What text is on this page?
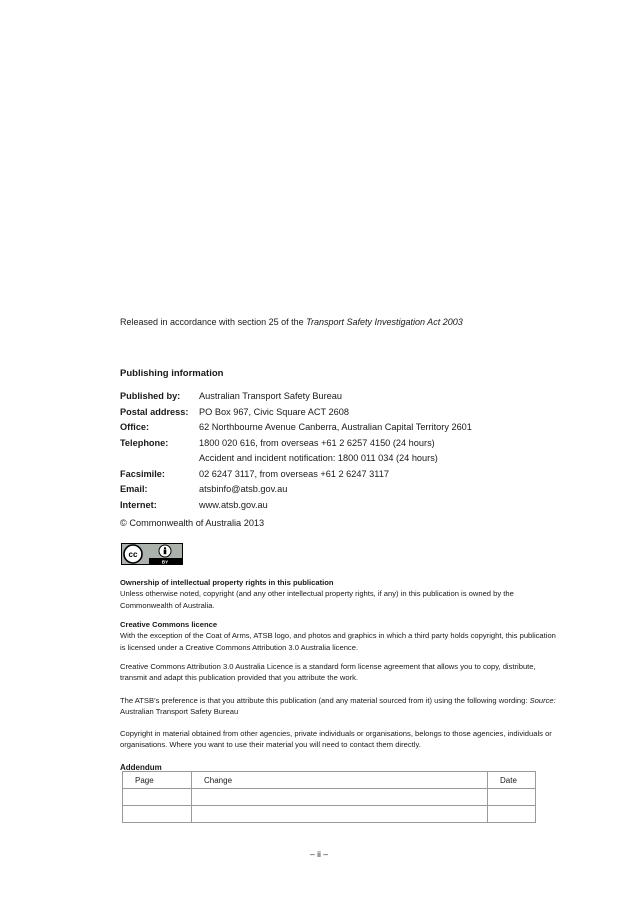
Released in accordance with section 25 of the Transport Safety Investigation Act 2003
Publishing information
Published by:	Australian Transport Safety Bureau
Postal address:	PO Box 967, Civic Square ACT 2608
Office:	62 Northbourne Avenue Canberra, Australian Capital Territory 2601
Telephone:	1800 020 616, from overseas +61 2 6257 4150 (24 hours)
	Accident and incident notification: 1800 011 034 (24 hours)
Facsimile:	02 6247 3117, from overseas +61 2 6247 3117
Email:	atsbinfo@atsb.gov.au
Internet:	www.atsb.gov.au
© Commonwealth of Australia 2013
cc
BY
Ownership of intellectual property rights in this publication
Unless otherwise noted, copyright (and any other intellectual property rights, if any) in this publication is owned by the Commonwealth of Australia.
Creative Commons licence
With the exception of the Coat of Arms, ATSB logo, and photos and graphics in which a third party holds copyright, this publication is licensed under a Creative Commons Attribution 3.0 Australia licence.
Creative Commons Attribution 3.0 Australia Licence is a standard form license agreement that allows you to copy, distribute, transmit and adapt this publication provided that you attribute the work.
The ATSB’s preference is that you attribute this publication (and any material sourced from it) using the following wording: Source: Australian Transport Safety Bureau
Copyright in material obtained from other agencies, private individuals or organisations, belongs to those agencies, individuals or organisations. Where you want to use their material you will need to contact them directly.
Addendum
Page	Change	Date

– ii –
